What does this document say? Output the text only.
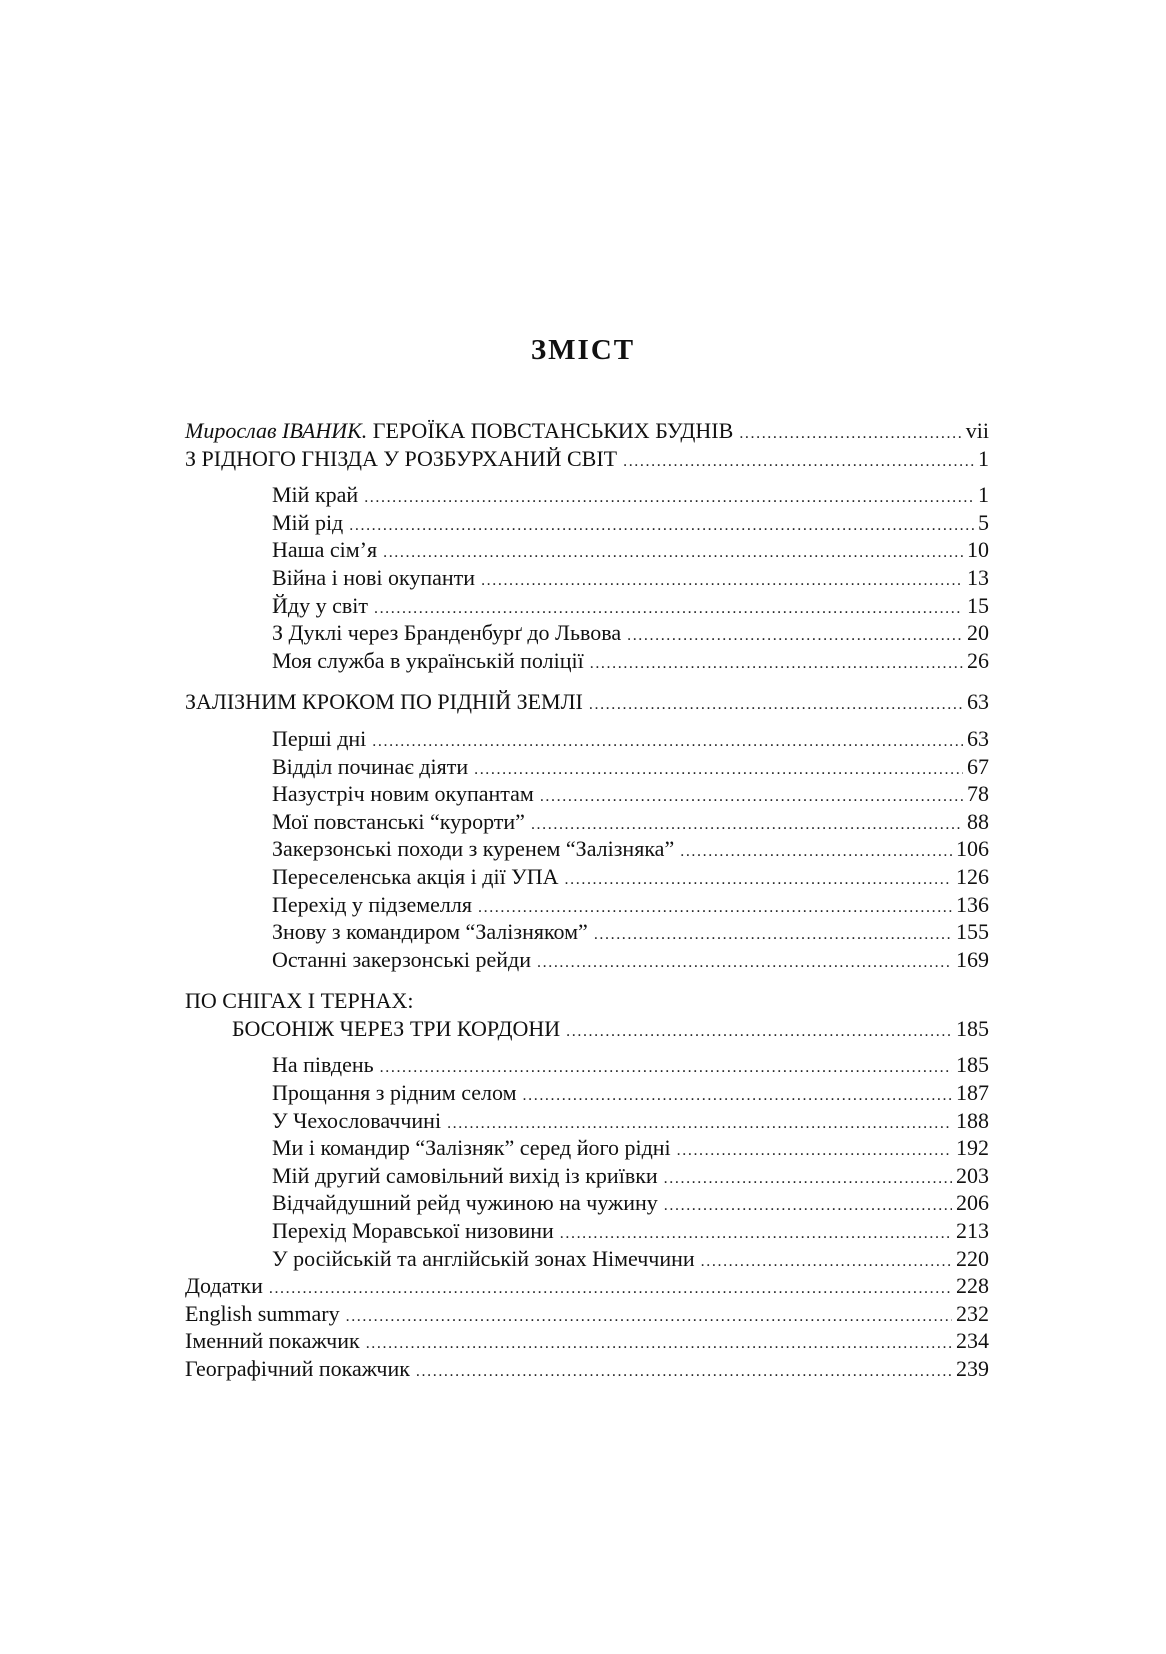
ЗМІСТ
Мирослав ІВАНИК. ГЕРОЇКА ПОВСТАНСЬКИХ БУДНІВ .....	vii
З РІДНОГО ГНІЗДА У РОЗБУРХАНИЙ СВІТ .....	1
Мій край .....	1
Мій рід .....	5
Наша сім’я .....	10
Війна і нові окупанти .....	13
Йду у світ .....	15
З Дуклі через Бранденбурґ до Львова .....	20
Моя служба в українській поліції .....	26
ЗАЛІЗНИМ КРОКОМ ПО РІДНІЙ ЗЕМЛІ .....	63
Перші дні .....	63
Відділ починає діяти .....	67
Назустріч новим окупантам .....	78
Мої повстанські “курорти” .....	88
Закерзонські походи з куренем “Залізняка” .....	106
Переселенська акція і дії УПА .....	126
Перехід у підземелля .....	136
Знову з командиром “Залізняком” .....	155
Останні закерзонські рейди .....	169
ПО СНІГАХ І ТЕРНАХ:
БОСОНІЖ ЧЕРЕЗ ТРИ КОРДОНИ .....	185
На південь .....	185
Прощання з рідним селом .....	187
У Чехословаччині .....	188
Ми і командир “Залізняк” серед його рідні .....	192
Мій другий самовільний вихід із криївки .....	203
Відчайдушний рейд чужиною на чужину .....	206
Перехід Моравської низовини .....	213
У російській та англійській зонах Німеччини .....	220
Додатки .....	228
English summary .....	232
Іменний покажчик .....	234
Географічний покажчик .....	239
